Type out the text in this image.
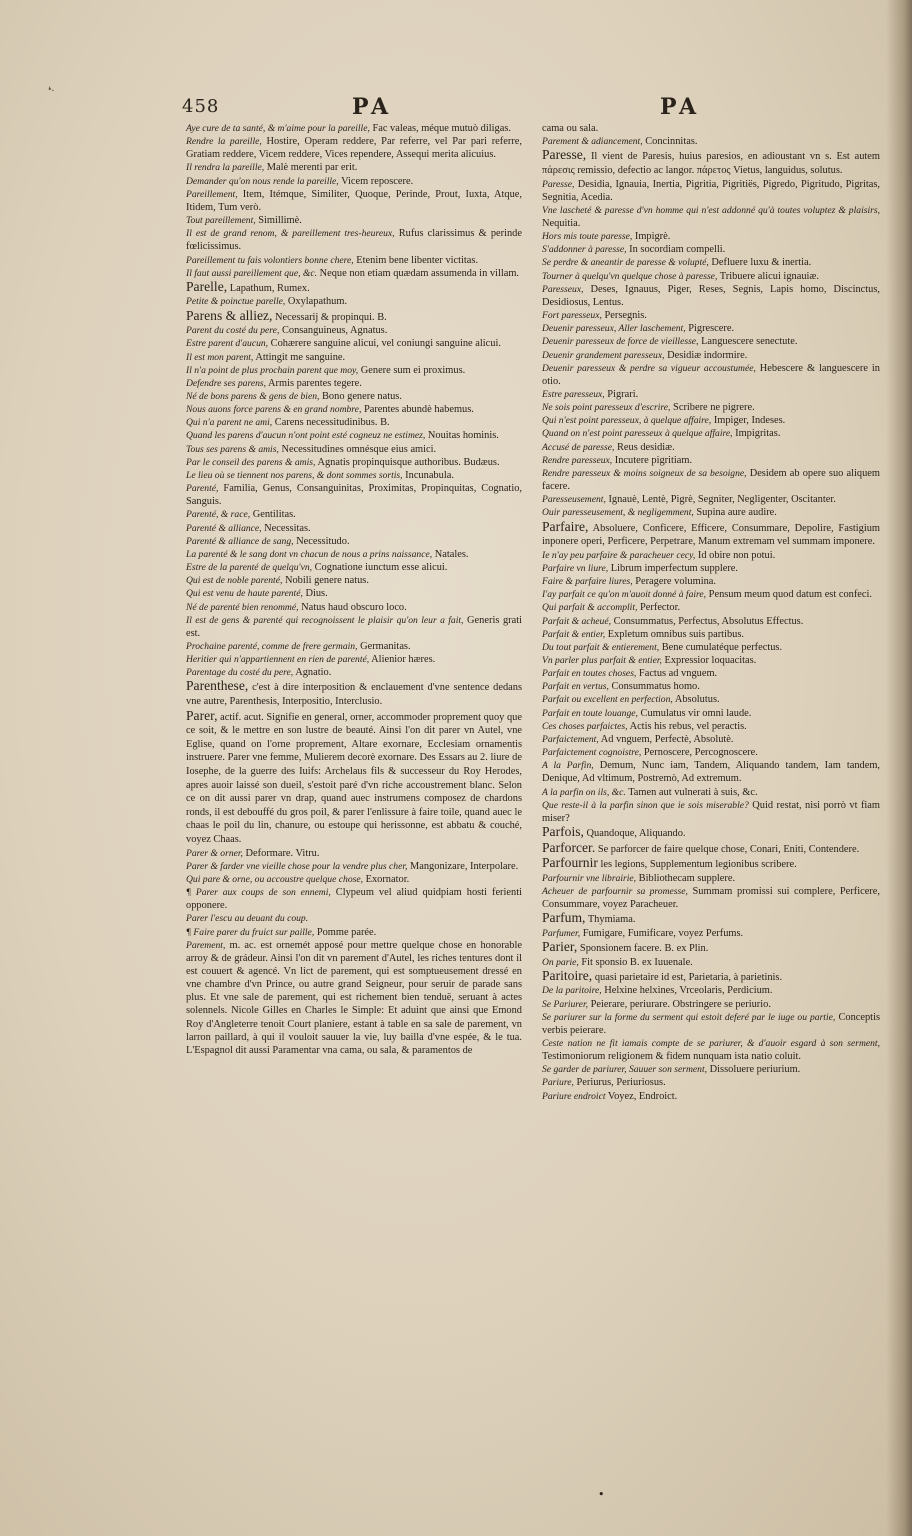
❛·
458	PA	PA

Aye cure de ta santé, & m'aime pour la pareille, Fac valeas, méque mutuò diligas.

Rendre la pareille, Hostire, Operam reddere, Par referre, vel Par pari referre, Gratiam reddere, Vicem reddere, Vices rependere, Assequi merita alicuius.

Il rendra la pareille, Malè merenti par erit.

Demander qu'on nous rende la pareille, Vicem reposcere.

Pareillement, Item, Itémque, Similiter, Quoque, Perinde, Prout, Iuxta, Atque, Itidem, Tum verò.

Tout pareillement, Simillimè.

Il est de grand renom, & pareillement tres-heureux, Rufus clarissimus & perinde fœlicissimus.

Pareillement tu fais volontiers bonne chere, Etenim bene libenter victitas.

Il faut aussi pareillement que, &c. Neque non etiam quædam assumenda in villam.

Parelle, Lapathum, Rumex.

Petite & poinctue parelle, Oxylapathum.

Parens & alliez, Necessarij & propinqui. B.

Parent du costé du pere, Consanguineus, Agnatus.

Estre parent d'aucun, Cohærere sanguine alicui, vel coniungi sanguine alicui.

Il est mon parent, Attingit me sanguine.

Il n'a point de plus prochain parent que moy, Genere sum ei proximus.

Defendre ses parens, Armis parentes tegere.

Né de bons parens & gens de bien, Bono genere natus.

Nous auons force parens & en grand nombre, Parentes abundè habemus.

Qui n'a parent ne ami, Carens necessitudinibus. B.

Quand les parens d'aucun n'ont point esté cogneuz ne estimez, Nouitas hominis.

Tous ses parens & amis, Necessitudines omnésque eius amici.

Par le conseil des parens & amis, Agnatis propinquisque authoribus. Budæus.

Le lieu où se tiennent nos parens, & dont sommes sortis, Incunabula.

Parenté, Familia, Genus, Consanguinitas, Proximitas, Propinquitas, Cognatio, Sanguis.

Parenté, & race, Gentilitas.

Parenté & alliance, Necessitas.

Parenté & alliance de sang, Necessitudo.

La parenté & le sang dont vn chacun de nous a prins naissance, Natales.

Estre de la parenté de quelqu'vn, Cognatione iunctum esse alicui.

Qui est de noble parenté, Nobili genere natus.

Qui est venu de haute parenté, Dius.

Né de parenté bien renommé, Natus haud obscuro loco.

Il est de gens & parenté qui recognoissent le plaisir qu'on leur a fait, Generis grati est.

Prochaine parenté, comme de frere germain, Germanitas.

Heritier qui n'appartiennent en rien de parenté, Alienior hæres.

Parentage du costé du pere, Agnatio.

Parenthese, c'est à dire interposition & enclauement d'vne sentence dedans vne autre, Parenthesis, Interpositio, Interclusio.

Parer, actif. acut. Signifie en general, orner, accommoder proprement quoy que ce soit, & le mettre en son lustre de beauté. Ainsi l'on dit parer vn Autel, vne Eglise, quand on l'orne proprement, Altare exornare, Ecclesiam ornamentis instruere. Parer vne femme, Mulierem decorè exornare. Des Essars au 2. liure de Iosephe, de la guerre des Iuifs: Archelaus fils & successeur du Roy Herodes, apres auoir laissé son dueil, s'estoit paré d'vn riche accoustrement blanc. Selon ce on dit aussi parer vn drap, quand auec instrumens composez de chardons ronds, il est debouffé du gros poil, & parer l'enlissure à faire toile, quand auec le chaas le poil du lin, chanure, ou estoupe qui herissonne, est abbatu & couché, voyez Chaas.

Parer & orner, Deformare. Vitru.

Parer & farder vne vieille chose pour la vendre plus cher, Mangonizare, Interpolare.

Qui pare & orne, ou accoustre quelque chose, Exornator.

¶ Parer aux coups de son ennemi, Clypeum vel aliud quidpiam hosti ferienti opponere.

Parer l'escu au deuant du coup.

¶ Faire parer du fruict sur paille, Pomme parée.

Parement, m. ac. est ornemét apposé pour mettre quelque chose en honorable arroy & de grádeur. Ainsi l'on dit vn parement d'Autel, les riches tentures dont il est couuert & agencé. Vn lict de parement, qui est somptueusement dressé en vne chambre d'vn Prince, ou autre grand Seigneur, pour seruir de parade sans plus. Et vne sale de parement, qui est richement bien tenduë, seruant à actes solennels. Nicole Gilles en Charles le Simple: Et aduint que ainsi que Emond Roy d'Angleterre tenoit Court planiere, estant à table en sa sale de parement, vn larron paillard, à qui il vouloit sauuer la vie, luy bailla d'vne espée, & le tua. L'Espagnol dit aussi Paramentar vna cama, ou sala, & paramentos de

cama ou sala.

Parement & adiancement, Concinnitas.

Paresse, Il vient de Paresis, huius paresios, en adioustant vn s. Est autem πάρεσις remissio, defectio ac langor. πάρετος Vietus, languidus, solutus.

Paresse, Desidia, Ignauia, Inertia, Pigritia, Pigritiës, Pigredo, Pigritudo, Pigritas, Segnitia, Acedia.

Vne lascheté & paresse d'vn homme qui n'est addonné qu'à toutes voluptez & plaisirs, Nequitia.

Hors mis toute paresse, Impigrè.

S'addonner à paresse, In socordiam compelli.

Se perdre & aneantir de paresse & volupté, Defluere luxu & inertia.

Tourner à quelqu'vn quelque chose à paresse, Tribuere alicui ignauiæ.

Paresseux, Deses, Ignauus, Piger, Reses, Segnis, Lapis homo, Discinctus, Desidiosus, Lentus.

Fort paresseux, Persegnis.

Deuenir paresseux, Aller laschement, Pigrescere.

Deuenir paresseux de force de vieillesse, Languescere senectute.

Deuenir grandement paresseux, Desidiæ indormire.

Deuenir paresseux & perdre sa vigueur accoustumée, Hebescere & languescere in otio.

Estre paresseux, Pigrari.

Ne sois point paresseux d'escrire, Scribere ne pigrere.

Qui n'est point paresseux, à quelque affaire, Impiger, Indeses.

Quand on n'est point paresseux à quelque affaire, Impigritas.

Accusé de paresse, Reus desidiæ.

Rendre paresseux, Incutere pigritiam.

Rendre paresseux & moins soigneux de sa besoigne, Desidem ab opere suo aliquem facere.

Paresseusement, Ignauè, Lentè, Pigrè, Segniter, Negligenter, Oscitanter.

Ouir paresseusement, & negligemment, Supina aure audire.

Parfaire, Absoluere, Conficere, Efficere, Consummare, Depolire, Fastigium inponere operi, Perficere, Perpetrare, Manum extremam vel summam imponere.

Ie n'ay peu parfaire & paracheuer cecy, Id obire non potui.

Parfaire vn liure, Librum imperfectum supplere.

Faire & parfaire liures, Peragere volumina.

I'ay parfait ce qu'on m'auoit donné à faire, Pensum meum quod datum est confeci.

Qui parfait & accomplit, Perfector.

Parfait & acheué, Consummatus, Perfectus, Absolutus Effectus.

Parfait & entier, Expletum omnibus suis partibus.

Du tout parfait & entierement, Bene cumulatéque perfectus.

Vn parler plus parfait & entier, Expressior loquacitas.

Parfait en toutes choses, Factus ad vnguem.

Parfait en vertus, Consummatus homo.

Parfait ou excellent en perfection, Absolutus.

Parfait en toute louange, Cumulatus vir omni laude.

Ces choses parfaictes, Actis his rebus, vel peractis.

Parfaictement, Ad vnguem, Perfectè, Absolutè.

Parfaictement cognoistre, Pernoscere, Percognoscere.

A la Parfin, Demum, Nunc iam, Tandem, Aliquando tandem, Iam tandem, Denique, Ad vltimum, Postremò, Ad extremum.

A la parfin on ils, &c. Tamen aut vulnerati à suis, &c.

Que reste-il à la parfin sinon que ie sois miserable? Quid restat, nisi porrò vt fiam miser?

Parfois, Quandoque, Aliquando.

Parforcer. Se parforcer de faire quelque chose, Conari, Eniti, Contendere.

Parfournir les legions, Supplementum legionibus scribere.

Parfournir vne librairie, Bibliothecam supplere.

Acheuer de parfournir sa promesse, Summam promissi sui complere, Perficere, Consummare, voyez Paracheuer.

Parfum, Thymiama.

Parfumer, Fumigare, Fumificare, voyez Perfums.

Parier, Sponsionem facere. B. ex Plin.

On parie, Fit sponsio B. ex Iuuenale.

Paritoire, quasi parietaire id est, Parietaria, à parietinis.

De la paritoire, Helxine helxines, Vrceolaris, Perdicium.

Se Pariurer, Peierare, periurare. Obstringere se periurio.

Se pariurer sur la forme du serment qui estoit deferé par le iuge ou partie, Conceptis verbis peierare.

Ceste nation ne fit iamais compte de se pariurer, & d'auoir esgard à son serment, Testimoniorum religionem & fidem nunquam ista natio coluit.

Se garder de pariurer, Sauuer son serment, Dissoluere periurium.

Pariure, Periurus, Periuriosus.

Pariure endroict Voyez, Endroict.

•
